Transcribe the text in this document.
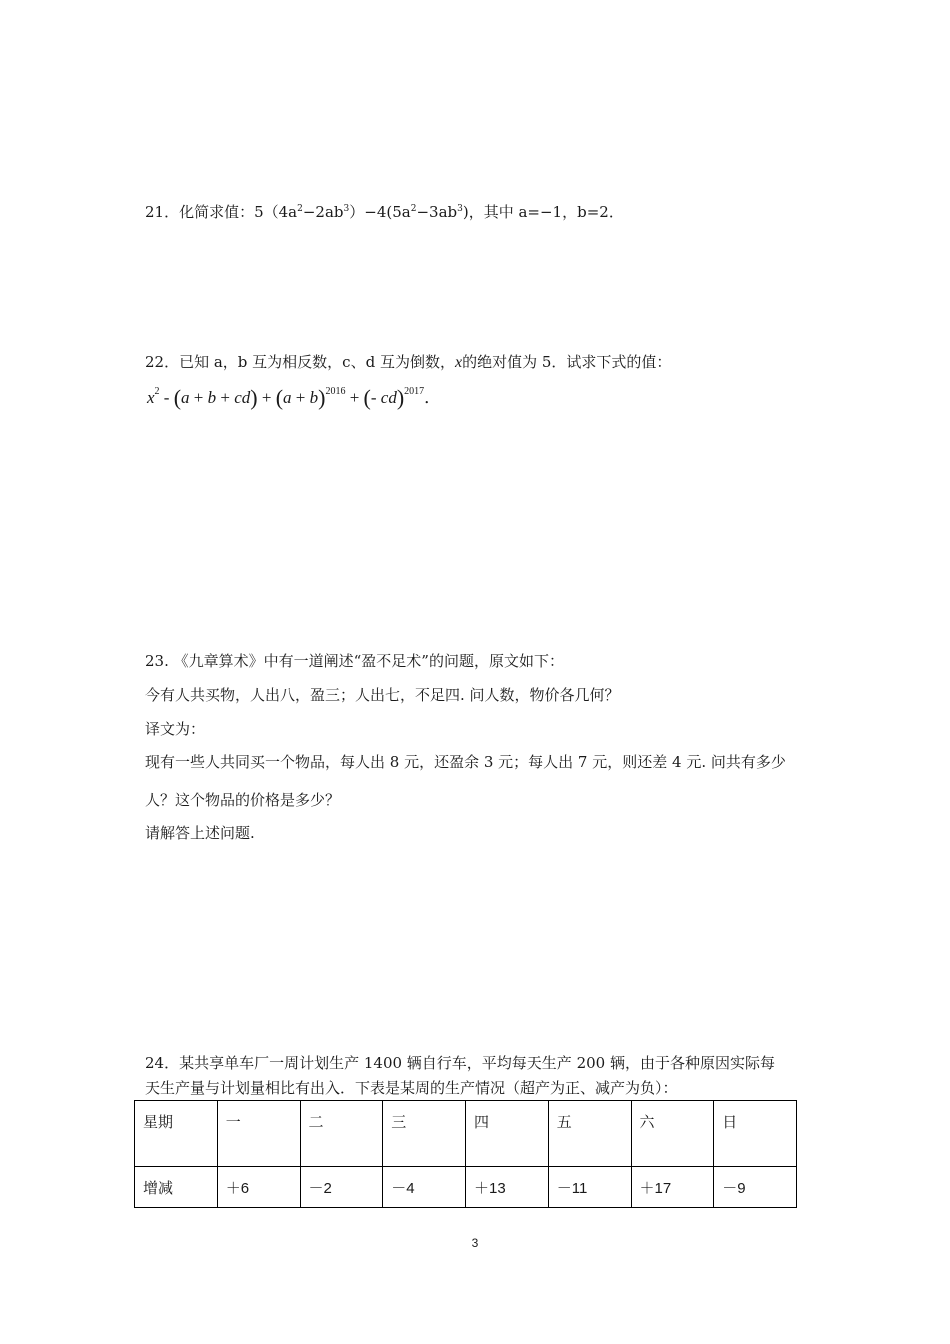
21．化简求值：$5(4a^2-2ab^3)-4(5a^2-3ab^3)$，其中 a=−1，b=2．
22．已知 a，b 互为相反数，c、d 互为倒数，x的绝对值为 5．试求下式的值：
$x^2 - (a + b + cd) + (a + b)^{2016}$ + (- cd)$^{2017}$．
23. 《九章算术》中有一道阐述“盈不足术”的问题，原文如下：
今有人共买物，人出八，盈三；人出七，不足四. 问人数，物价各几何？
译文为：
现有一些人共同买一个物品，每人出 8 元，还盈余 3 元；每人出 7 元，则还差 4 元. 问共有多少
人？这个物品的价格是多少？
请解答上述问题.
24．某共享单车厂一周计划生产 1400 辆自行车，平均每天生产 200 辆，由于各种原因实际每
天生产量与计划量相比有出入．下表是某周的生产情况（超产为正、减产为负）：
星期	一	二	三	四	五	六	日
增减	＋6	－2	－4	＋13	－11	＋17	－9
3
